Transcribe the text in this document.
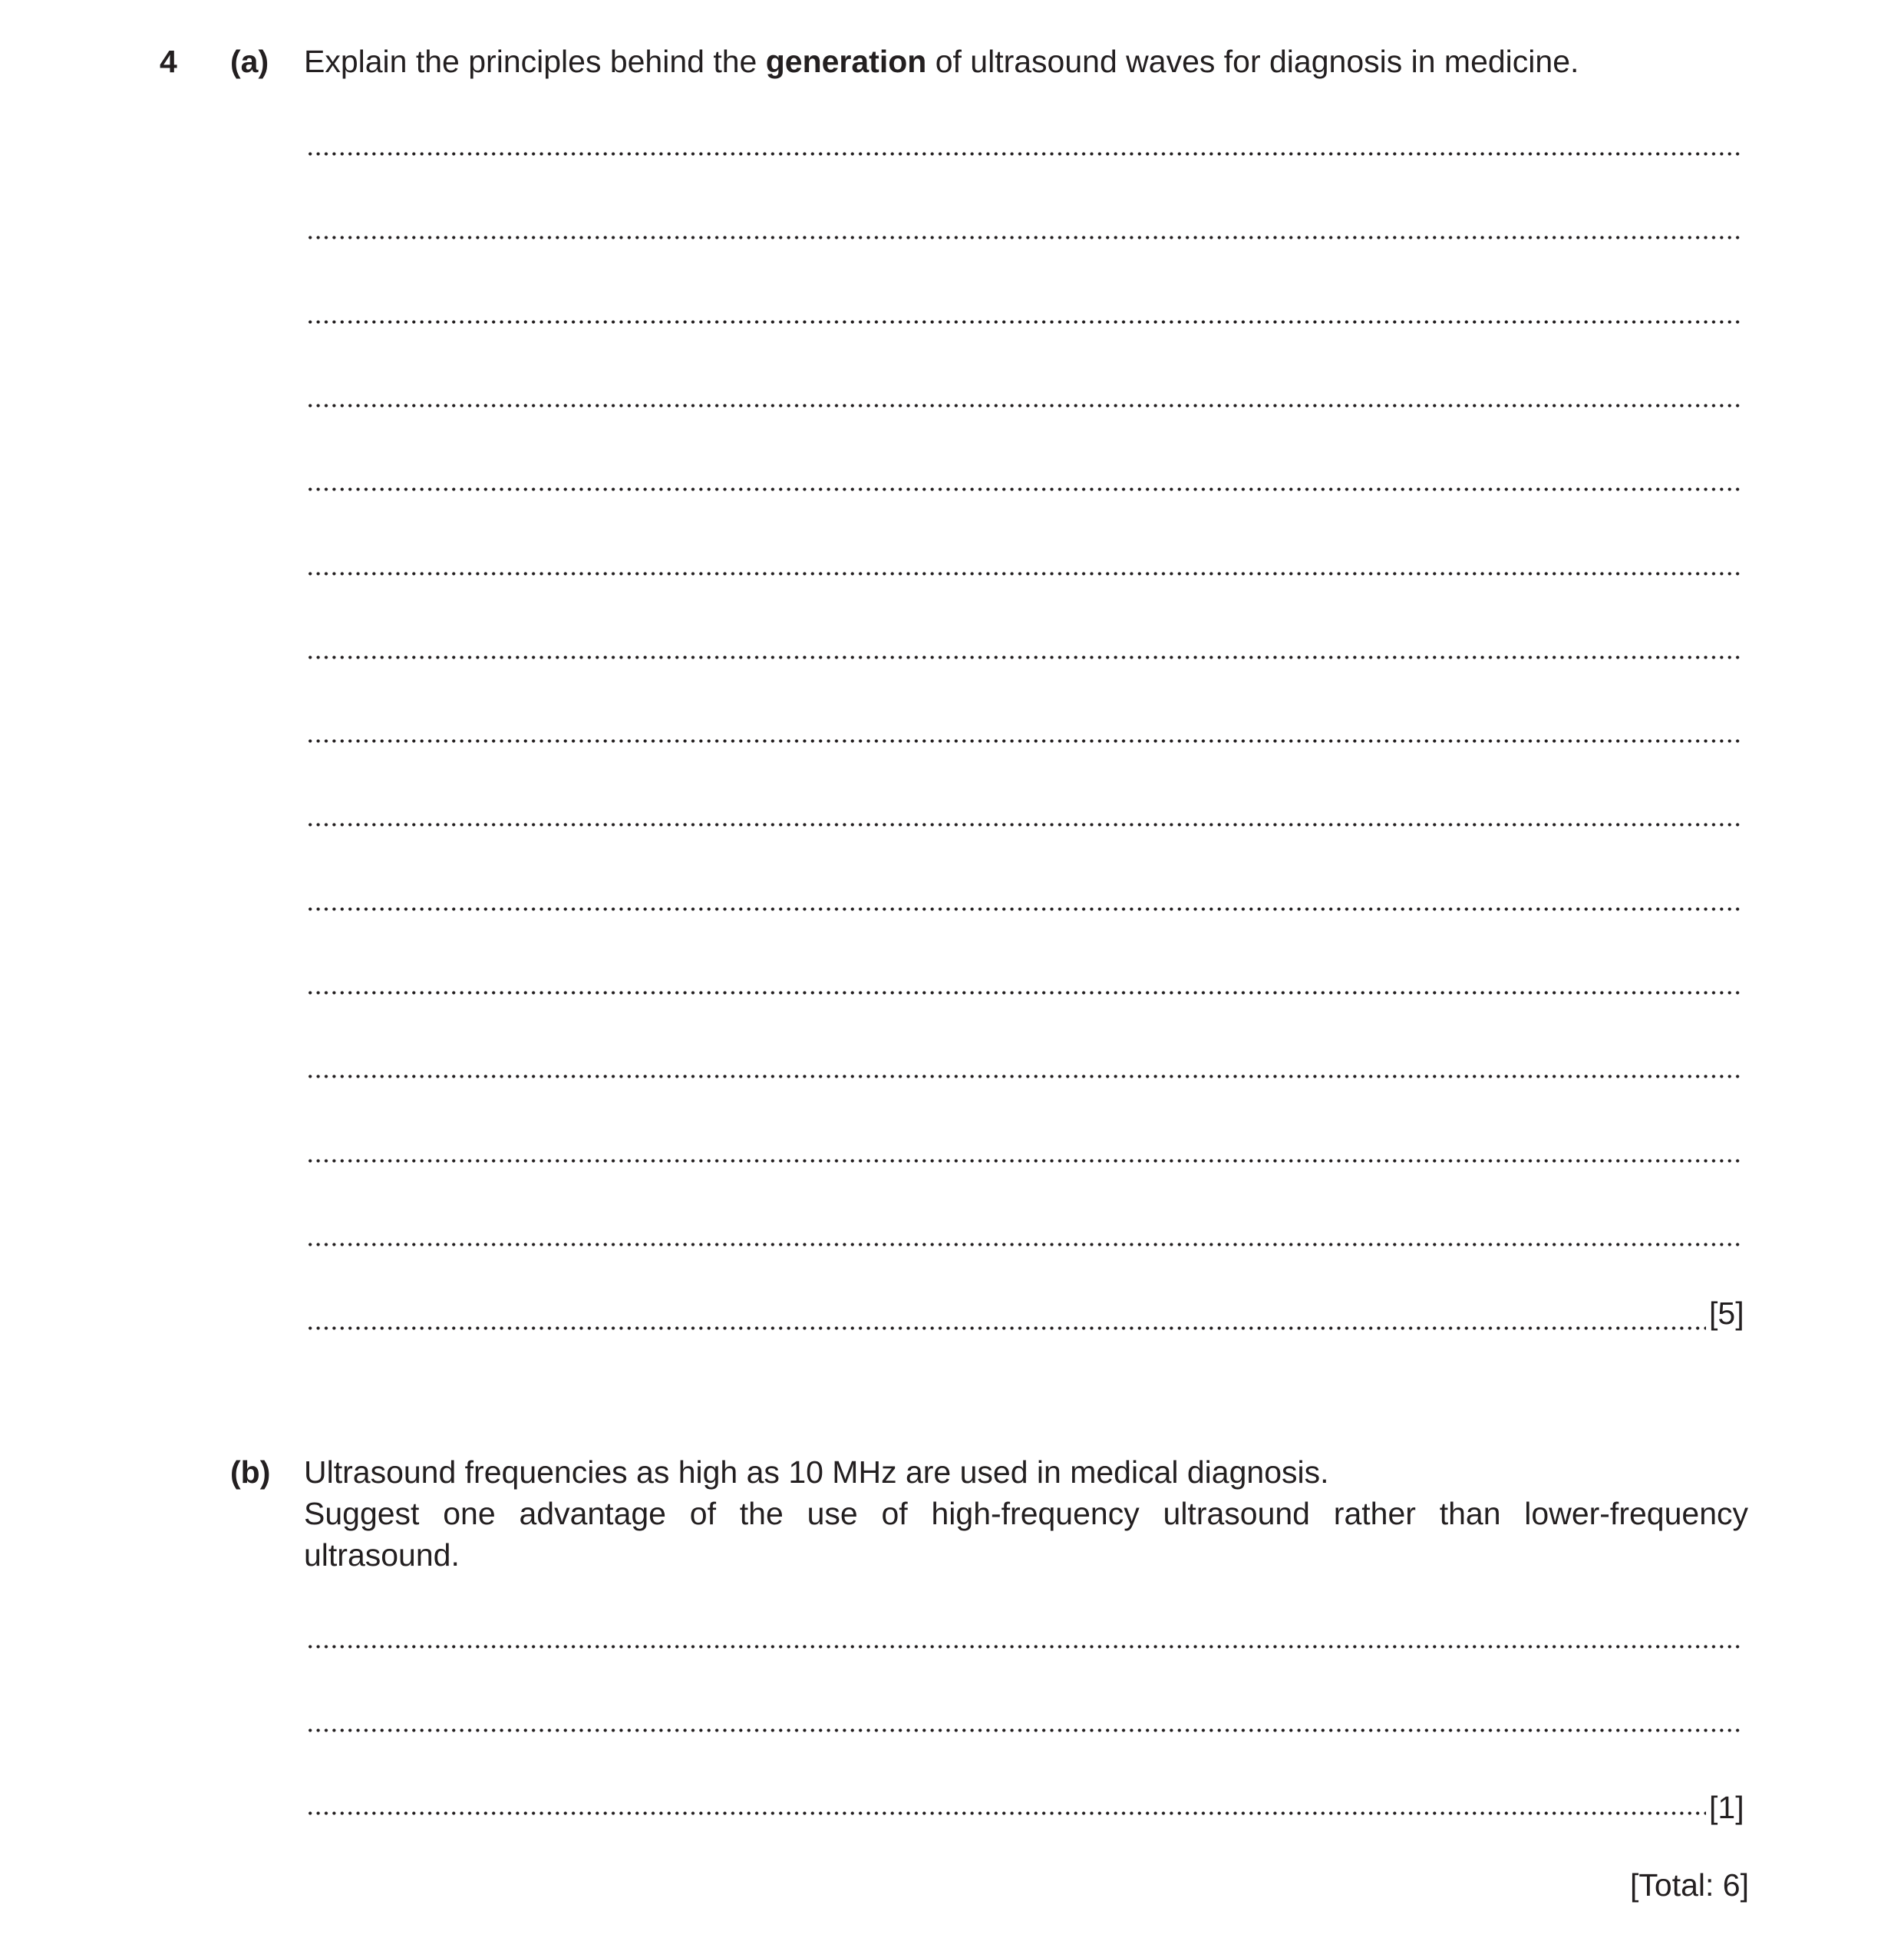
4 (a) Explain the principles behind the generation of ultrasound waves for diagnosis in medicine.
[5]
(b) Ultrasound frequencies as high as 10 MHz are used in medical diagnosis.
Suggest one advantage of the use of high-frequency ultrasound rather than lower-frequency
ultrasound.
[1]
[Total: 6]
